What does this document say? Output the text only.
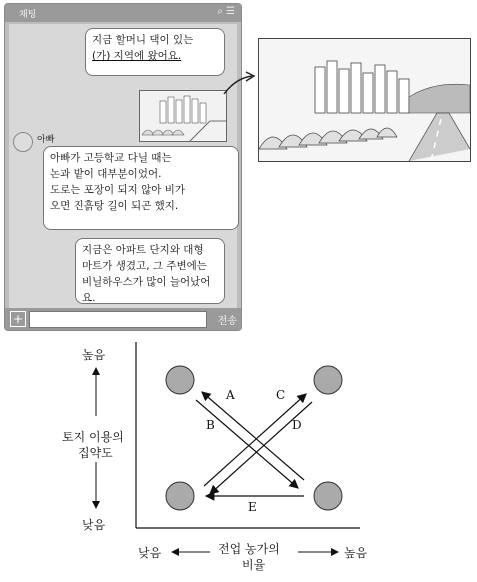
채팅	⌕ ☰
지금 할머니 댁이 있는
(가) 지역에 왔어요.
아빠
아빠가 고등학교 다닐 때는
논과 밭이 대부분이었어.
도로는 포장이 되지 않아 비가
오면 진흙탕 길이 되곤 했지.
지금은 아파트 단지와 대형
마트가 생겼고, 그 주변에는
비닐하우스가 많이 늘어났어요.
+	전송
높음
낮음
토지 이용의
집약도
낮음	높음
전업 농가의
비율
A
B
C
D
E
